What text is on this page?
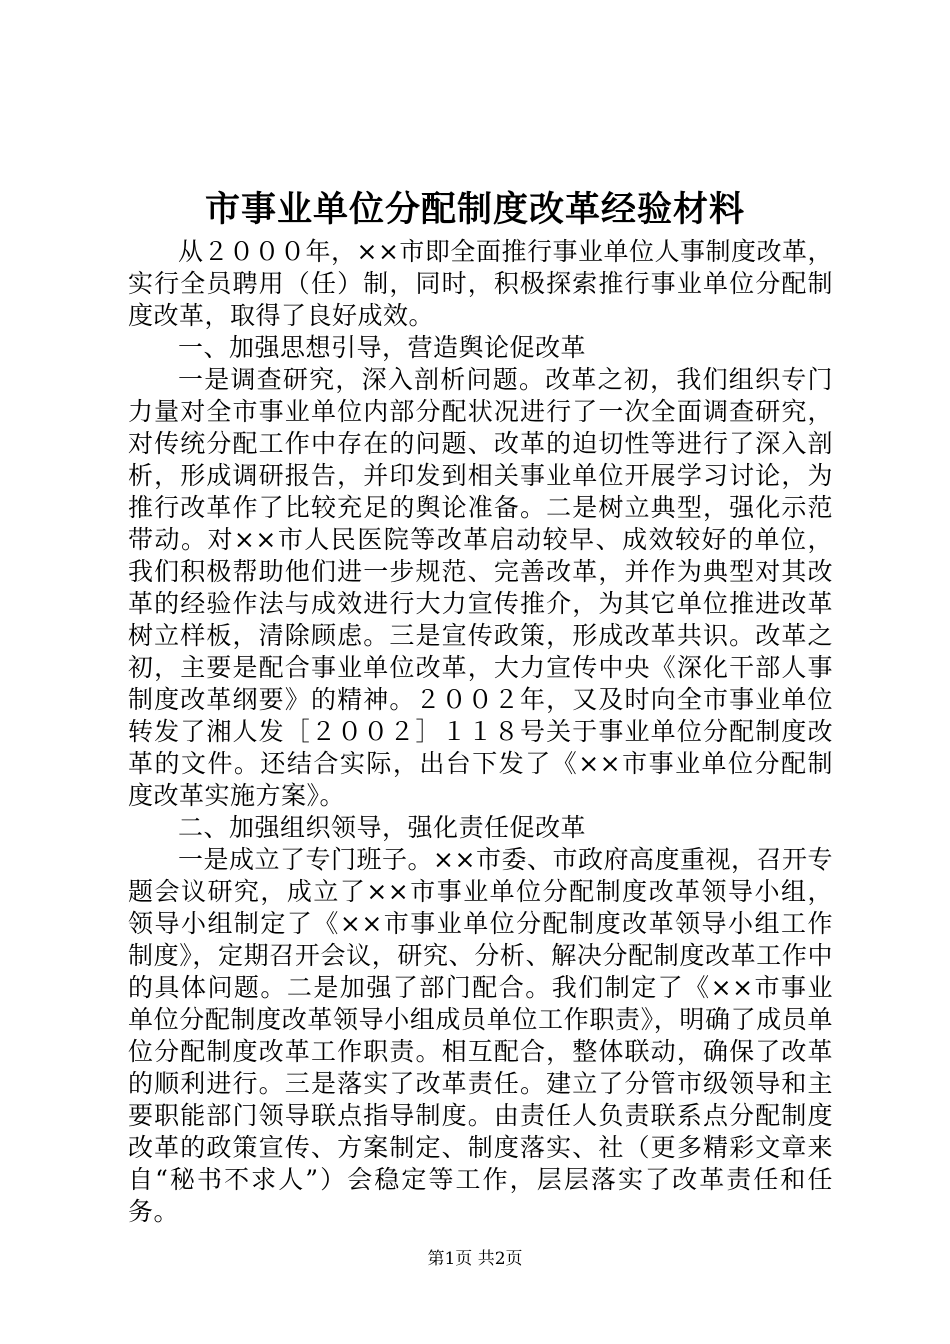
市事业单位分配制度改革经验材料

从２０００年，××市即全面推行事业单位人事制度改革，实行全员聘用（任）制，同时，积极探索推行事业单位分配制度改革，取得了良好成效。

一、加强思想引导，营造舆论促改革

一是调查研究，深入剖析问题。改革之初，我们组织专门力量对全市事业单位内部分配状况进行了一次全面调查研究，对传统分配工作中存在的问题、改革的迫切性等进行了深入剖析，形成调研报告，并印发到相关事业单位开展学习讨论，为推行改革作了比较充足的舆论准备。二是树立典型，强化示范带动。对××市人民医院等改革启动较早、成效较好的单位，我们积极帮助他们进一步规范、完善改革，并作为典型对其改革的经验作法与成效进行大力宣传推介，为其它单位推进改革树立样板，清除顾虑。三是宣传政策，形成改革共识。改革之初，主要是配合事业单位改革，大力宣传中央《深化干部人事制度改革纲要》的精神。２００２年，又及时向全市事业单位转发了湘人发［２００２］１１８号关于事业单位分配制度改革的文件。还结合实际，出台下发了《××市事业单位分配制度改革实施方案》。

二、加强组织领导，强化责任促改革

一是成立了专门班子。××市委、市政府高度重视，召开专题会议研究，成立了××市事业单位分配制度改革领导小组，领导小组制定了《××市事业单位分配制度改革领导小组工作制度》，定期召开会议，研究、分析、解决分配制度改革工作中的具体问题。二是加强了部门配合。我们制定了《××市事业单位分配制度改革领导小组成员单位工作职责》，明确了成员单位分配制度改革工作职责。相互配合，整体联动，确保了改革的顺利进行。三是落实了改革责任。建立了分管市级领导和主要职能部门领导联点指导制度。由责任人负责联系点分配制度改革的政策宣传、方案制定、制度落实、社（更多精彩文章来自“秘书不求人”）会稳定等工作，层层落实了改革责任和任务。

第1页 共2页
